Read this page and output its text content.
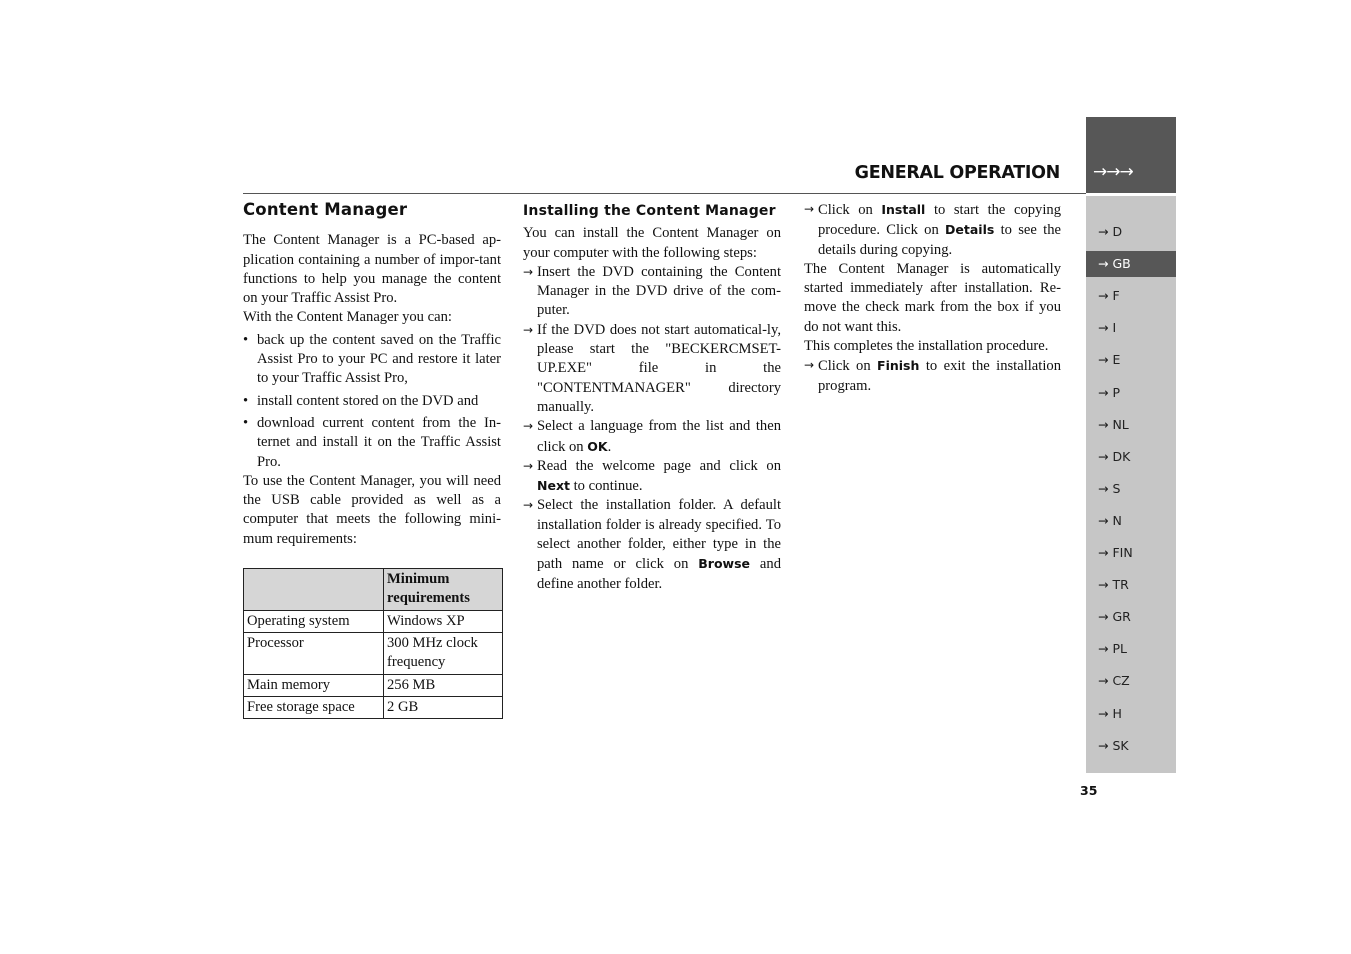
GENERAL OPERATION →→→
→ D
→ GB
→ F
→ I
→ E
→ P
→ NL
→ DK
→ S
→ N
→ FIN
→ TR
→ GR
→ PL
→ CZ
→ H
→ SK
35
Content Manager

The Content Manager is a PC-based ap-plication containing a number of impor-tant functions to help you manage the content on your Traffic Assist Pro.

With the Content Manager you can:

• back up the content saved on the Traffic Assist Pro to your PC and restore it later to your Traffic Assist Pro,
• install content stored on the DVD and
• download current content from the In-ternet and install it on the Traffic Assist Pro.

To use the Content Manager, you will need the USB cable provided as well as a computer that meets the following mini-mum requirements:

	Minimum requirements
Operating system	Windows XP
Processor	300 MHz clock frequency
Main memory	256 MB
Free storage space	2 GB
Installing the Content Manager

You can install the Content Manager on your computer with the following steps:

→ Insert the DVD containing the Content Manager in the DVD drive of the com-puter.
→ If the DVD does not start automatical-ly, please start the "BECKERCMSET-UP.EXE" file in the "CONTENTMANAGER" directory manually.
→ Select a language from the list and then click on OK.
→ Read the welcome page and click on Next to continue.
→ Select the installation folder. A default installation folder is already specified. To select another folder, either type in the path name or click on Browse and define another folder.
→ Click on Install to start the copying procedure. Click on Details to see the details during copying.

The Content Manager is automatically started immediately after installation. Re-move the check mark from the box if you do not want this.

This completes the installation procedure.

→ Click on Finish to exit the installation program.
